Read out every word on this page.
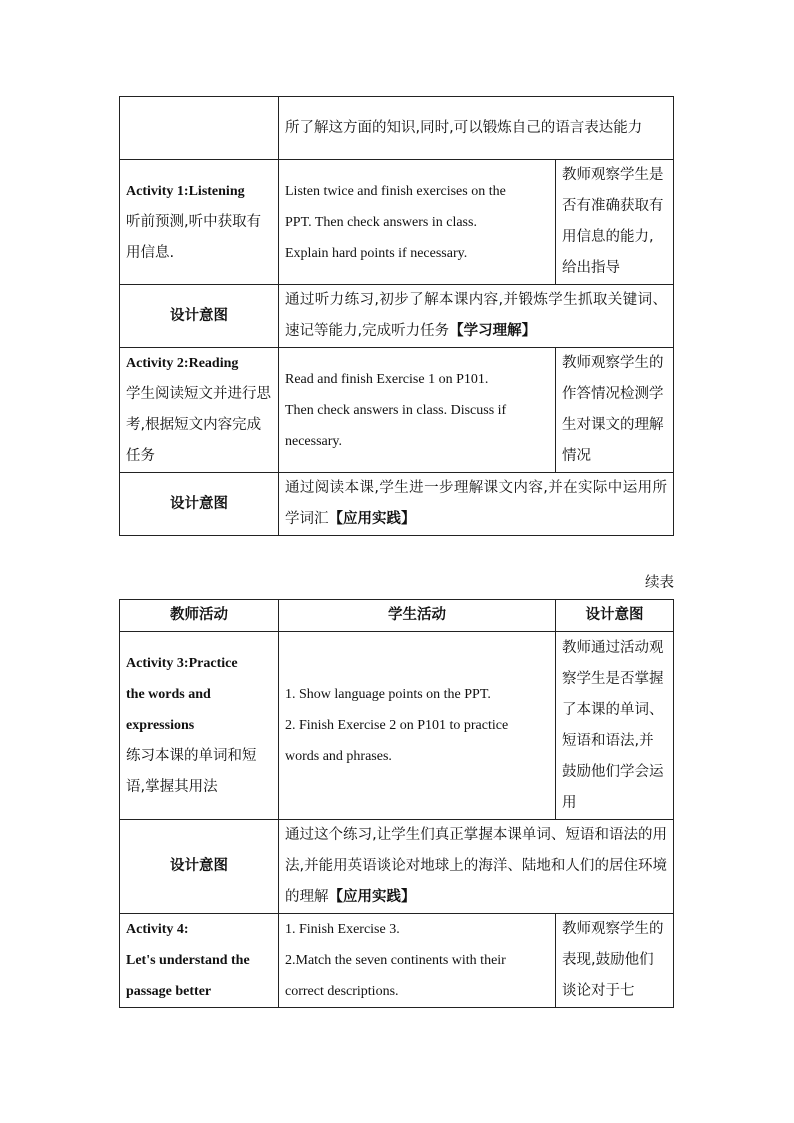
	所了解这方面的知识,同时,可以锻炼自己的语言表达能力	

Activity 1:Listening
听前预测,听中获取有用信息.	Listen twice and finish exercises on the
PPT. Then check answers in class.
Explain hard points if necessary.	教师观察学生是否有准确获取有用信息的能力,给出指导
设计意图	通过听力练习,初步了解本课内容,并锻炼学生抓取关键词、速记等能力,完成听力任务【学习理解】	

Activity 2:Reading
学生阅读短文并进行思考,根据短文内容完成任务	Read and finish Exercise 1 on P101.
Then check answers in class. Discuss if
necessary.	教师观察学生的作答情况检测学生对课文的理解情况
设计意图	通过阅读本课,学生进一步理解课文内容,并在实际中运用所学词汇【应用实践】	
续表
教师活动	学生活动	设计意图

Activity 3:Practice
the words and
expressions
练习本课的单词和短语,掌握其用法	1. Show language points on the PPT.
2. Finish Exercise 2 on P101 to practice
words and phrases.	教师通过活动观察学生是否掌握了本课的单词、短语和语法,并鼓励他们学会运用
设计意图	通过这个练习,让学生们真正掌握本课单词、短语和语法的用法,并能用英语谈论对地球上的海洋、陆地和人们的居住环境的理解【应用实践】	

Activity 4:
Let's understand the
passage better	1. Finish Exercise 3.
2.Match the seven continents with their
correct descriptions.	教师观察学生的表现,鼓励他们谈论对于七
